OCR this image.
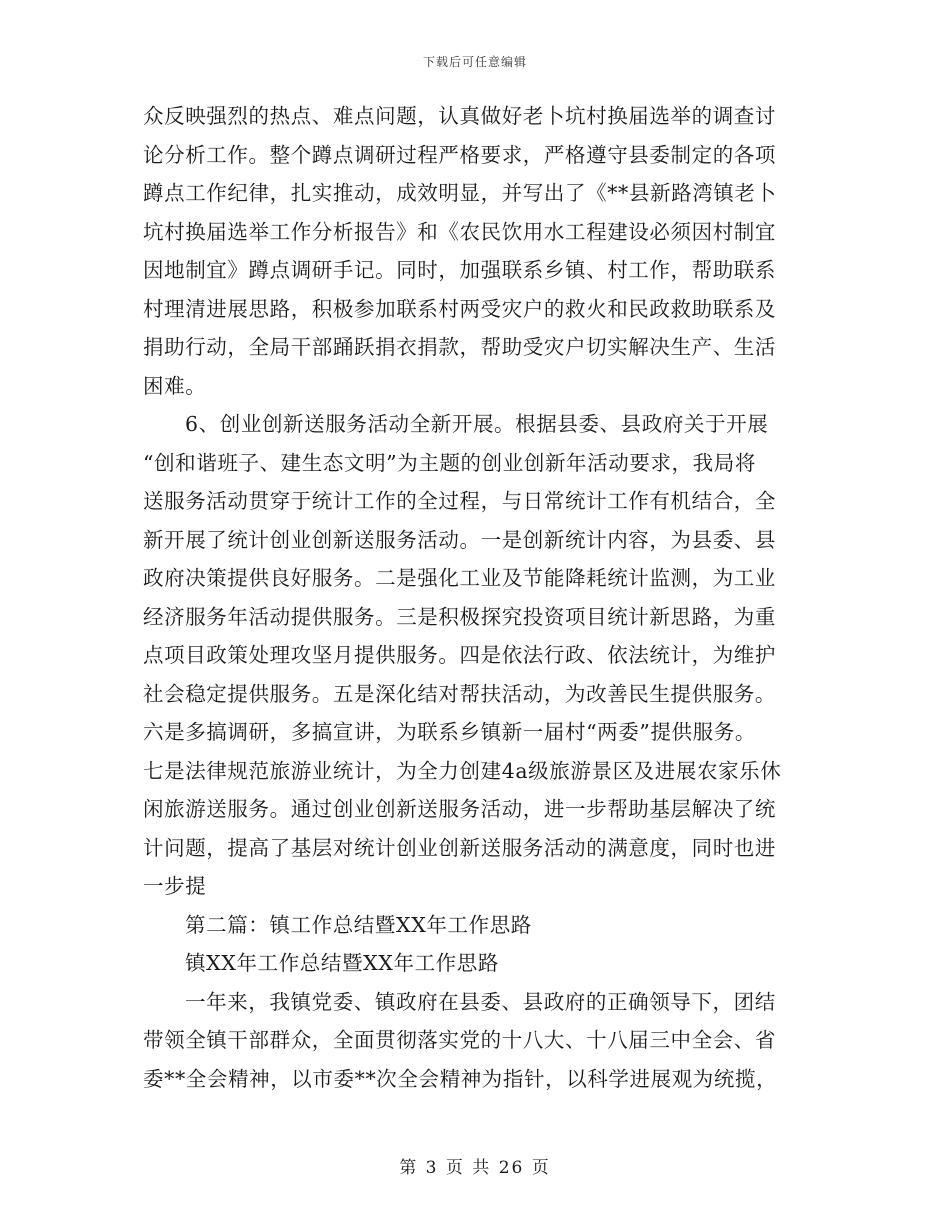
下载后可任意编辑
众反映强烈的热点、难点问题，认真做好老卜坑村换届选举的调查讨
论分析工作。整个蹲点调研过程严格要求，严格遵守县委制定的各项
蹲点工作纪律，扎实推动，成效明显，并写出了《**县新路湾镇老卜
坑村换届选举工作分析报告》和《农民饮用水工程建设必须因村制宜
因地制宜》蹲点调研手记。同时，加强联系乡镇、村工作，帮助联系
村理清进展思路，积极参加联系村两受灾户的救火和民政救助联系及
捐助行动，全局干部踊跃捐衣捐款，帮助受灾户切实解决生产、生活
困难。
6、创业创新送服务活动全新开展。根据县委、县政府关于开展
“创和谐班子、建生态文明”为主题的创业创新年活动要求，我局将
送服务活动贯穿于统计工作的全过程，与日常统计工作有机结合，全
新开展了统计创业创新送服务活动。一是创新统计内容，为县委、县
政府决策提供良好服务。二是强化工业及节能降耗统计监测，为工业
经济服务年活动提供服务。三是积极探究投资项目统计新思路，为重
点项目政策处理攻坚月提供服务。四是依法行政、依法统计，为维护
社会稳定提供服务。五是深化结对帮扶活动，为改善民生提供服务。
六是多搞调研，多搞宣讲，为联系乡镇新一届村“两委”提供服务。
七是法律规范旅游业统计，为全力创建4a级旅游景区及进展农家乐休
闲旅游送服务。通过创业创新送服务活动，进一步帮助基层解决了统
计问题，提高了基层对统计创业创新送服务活动的满意度，同时也进
一步提
第二篇：镇工作总结暨XX年工作思路
镇XX年工作总结暨XX年工作思路
一年来，我镇党委、镇政府在县委、县政府的正确领导下，团结
带领全镇干部群众，全面贯彻落实党的十八大、十八届三中全会、省
委**全会精神，以市委**次全会精神为指针，以科学进展观为统揽，
第 3 页 共 26 页
